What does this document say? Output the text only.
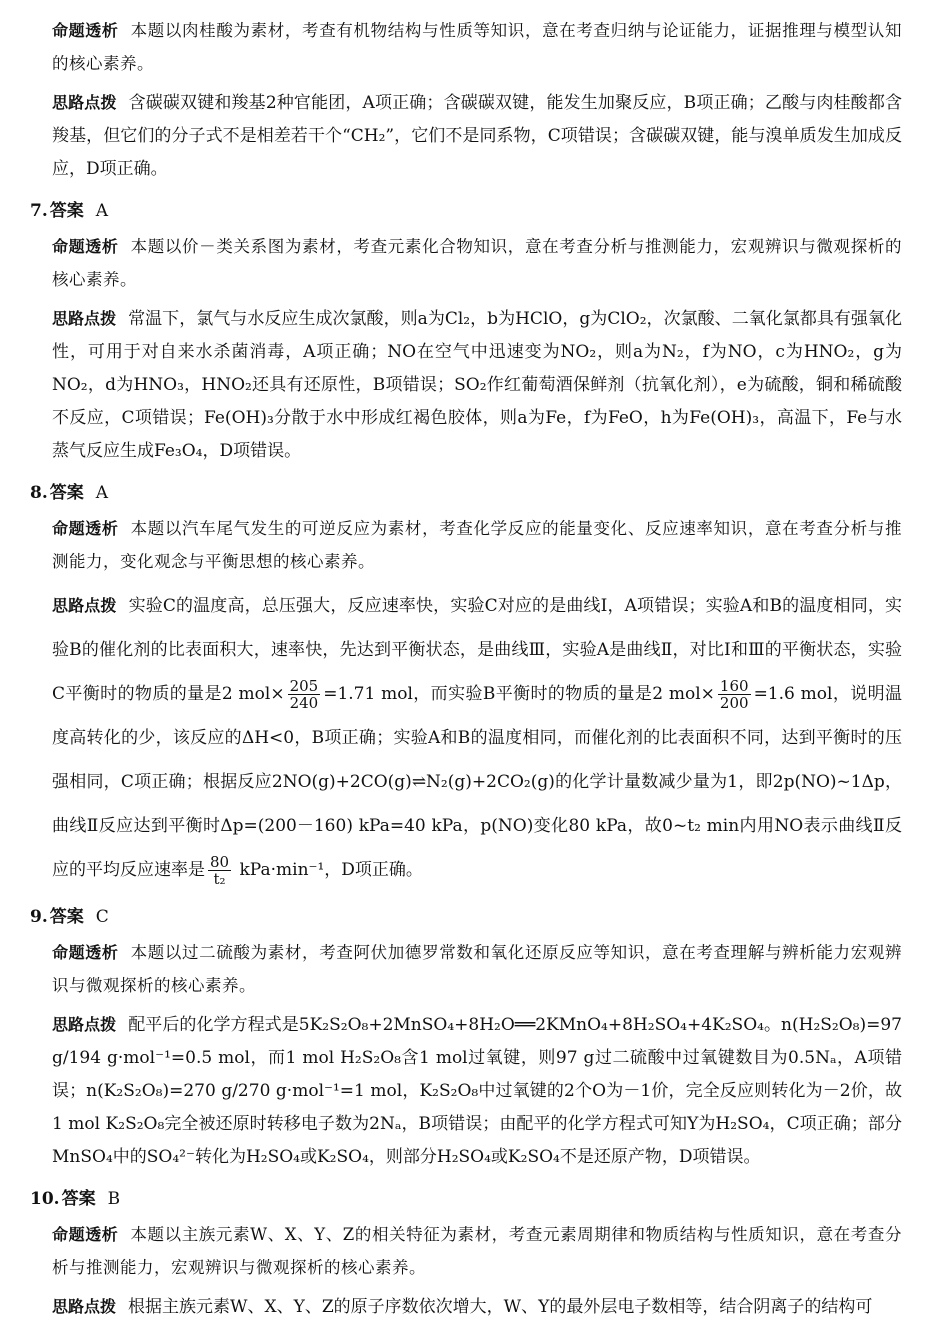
命题透析 本题以肉桂酸为素材，考查有机物结构与性质等知识，意在考查归纳与论证能力，证据推理与模型认知的核心素养。

思路点拨 含碳碳双键和羧基2种官能团，A项正确；含碳碳双键，能发生加聚反应，B项正确；乙酸与肉桂酸都含羧基，但它们的分子式不是相差若干个“CH₂”，它们不是同系物，C项错误；含碳碳双键，能与溴单质发生加成反应，D项正确。

7. 答案 A

命题透析 本题以价－类关系图为素材，考查元素化合物知识，意在考查分析与推测能力，宏观辨识与微观探析的核心素养。

思路点拨 常温下，氯气与水反应生成次氯酸，则a为Cl₂，b为HClO，g为ClO₂，次氯酸、二氧化氯都具有强氧化性，可用于对自来水杀菌消毒，A项正确；NO在空气中迅速变为NO₂，则a为N₂，f为NO，c为HNO₂，g为NO₂，d为HNO₃，HNO₂还具有还原性，B项错误；SO₂作红葡萄酒保鲜剂（抗氧化剂），e为硫酸，铜和稀硫酸不反应，C项错误；Fe(OH)₃分散于水中形成红褐色胶体，则a为Fe，f为FeO，h为Fe(OH)₃，高温下，Fe与水蒸气反应生成Fe₃O₄，D项错误。

8. 答案 A

命题透析 本题以汽车尾气发生的可逆反应为素材，考查化学反应的能量变化、反应速率知识，意在考查分析与推测能力，变化观念与平衡思想的核心素养。

思路点拨 实验C的温度高，总压强大，反应速率快，实验C对应的是曲线Ⅰ，A项错误；实验A和B的温度相同，实验B的催化剂的比表面积大，速率快，先达到平衡状态，是曲线Ⅲ，实验A是曲线Ⅱ，对比Ⅰ和Ⅲ的平衡状态，实验C平衡时的物质的量是2 $mol\times \frac{205}{240} =1.71$ mol，而实验B平衡时的物质的量是2 $mol\times \frac{160}{200} =1.6$ mol，说明温度高转化的少，该反应的ΔH<0，B项正确；实验A和B的温度相同，而催化剂的比表面积不同，达到平衡时的压强相同，C项正确；根据反应2NO(g)+2CO(g)⇌N₂(g)+2CO₂(g)的化学计量数减少量为1，即2p(NO)~1Δp，曲线Ⅱ反应达到平衡时Δp=(200－160) kPa=40 kPa，p(NO)变化80 kPa，故0~t₂ min内用NO表示曲线Ⅱ反应的平均反应速率是 $\frac{80}{\text{t₂}} kPa\cdot\min^{-1}$，D项正确。

9. 答案 C

命题透析 本题以过二硫酸为素材，考查阿伏加德罗常数和氧化还原反应等知识，意在考查理解与辨析能力宏观辨识与微观探析的核心素养。

思路点拨 配平后的化学方程式是5K₂S₂O₈+2MnSO₄+8H₂O══2KMnO₄+8H₂SO₄+4K₂SO₄。n(H₂S₂O₈)=97 g/194 g·mol⁻¹=0.5 mol，而1 mol H₂S₂O₈含1 mol过氧键，则97 g过二硫酸中过氧键数目为0.5Nₐ，A项错误；n(K₂S₂O₈)=270 g/270 g·mol⁻¹=1 mol，K₂S₂O₈中过氧键的2个O为－1价，完全反应则转化为－2价，故1 mol K₂S₂O₈完全被还原时转移电子数为2Nₐ，B项错误；由配平的化学方程式可知Y为H₂SO₄，C项正确；部分MnSO₄中的SO₄²⁻转化为H₂SO₄或K₂SO₄，则部分H₂SO₄或K₂SO₄不是还原产物，D项错误。

10. 答案 B

命题透析 本题以主族元素W、X、Y、Z的相关特征为素材，考查元素周期律和物质结构与性质知识，意在考查分析与推测能力，宏观辨识与微观探析的核心素养。

思路点拨 根据主族元素W、X、Y、Z的原子序数依次增大，W、Y的最外层电子数相等，结合阴离子的结构可
